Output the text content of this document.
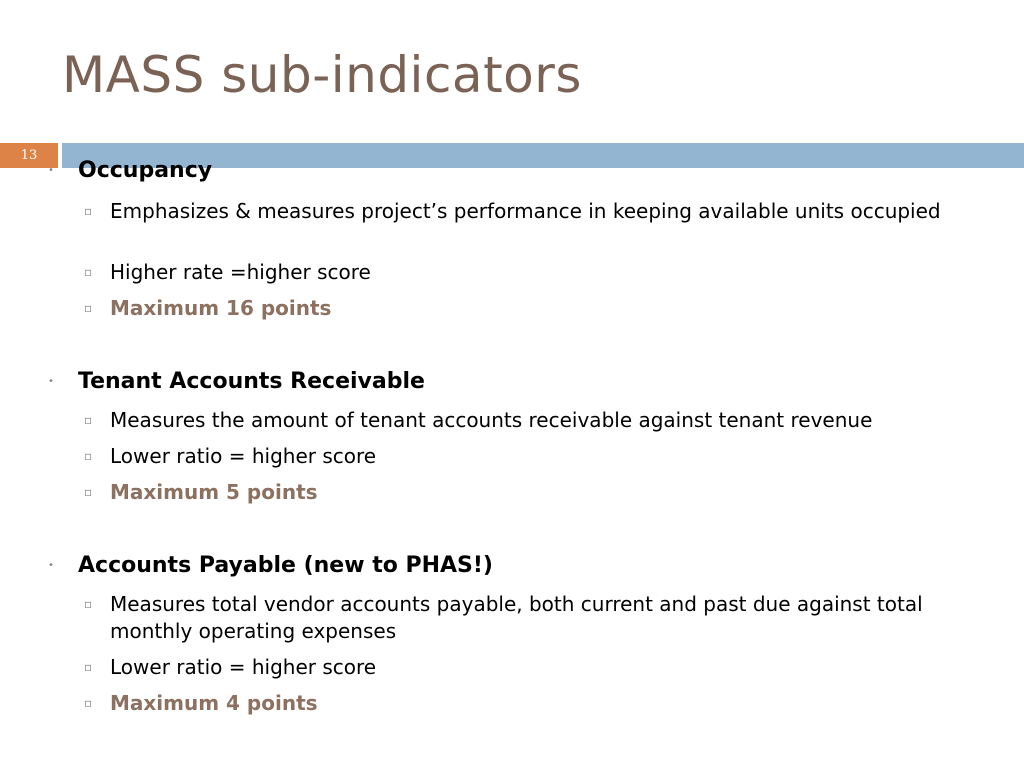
MASS sub-indicators
13
• Occupancy
▫ Emphasizes & measures project’s performance in keeping available units occupied
▫ Higher rate =higher score
▫ Maximum 16 points
• Tenant Accounts Receivable
▫ Measures the amount of tenant accounts receivable against tenant revenue
▫ Lower ratio = higher score
▫ Maximum 5 points
• Accounts Payable (new to PHAS!)
▫ Measures total vendor accounts payable, both current and past due against total monthly operating expenses
▫ Lower ratio = higher score
▫ Maximum 4 points
